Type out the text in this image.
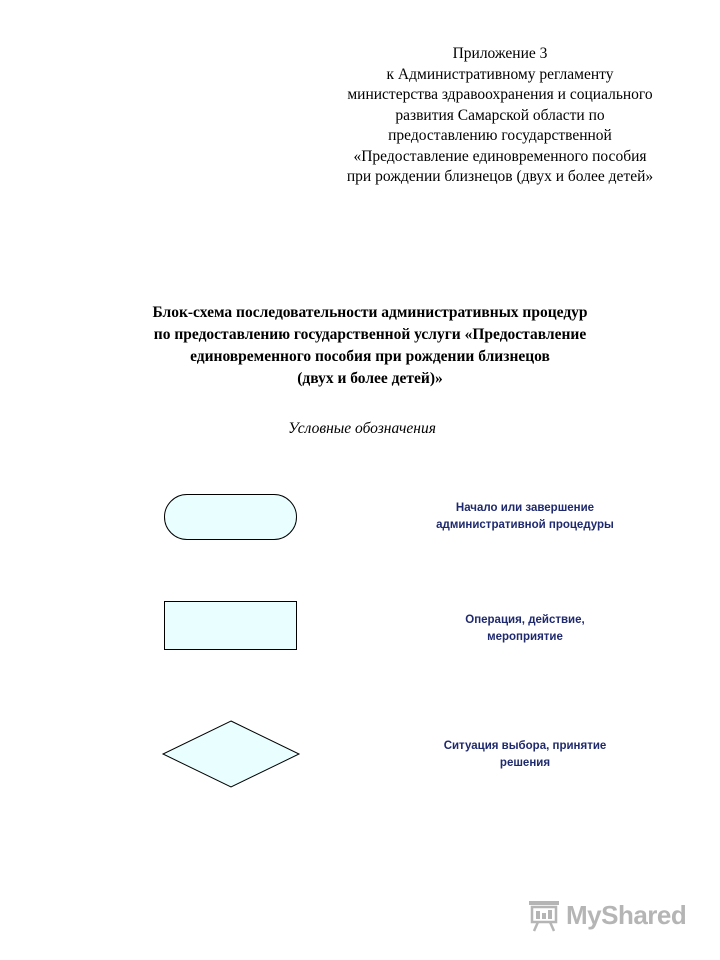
Приложение 3
к Административному регламенту
министерства здравоохранения и социального
развития Самарской области по
предоставлению государственной
«Предоставление единовременного пособия
при рождении близнецов (двух и более детей»
Блок-схема последовательности административных процедур
по предоставлению государственной услуги «Предоставление
единовременного пособия при рождении близнецов
(двух и более детей)»
Условные обозначения
Начало или завершение
административной процедуры
Операция, действие,
мероприятие
Ситуация выбора, принятие
решения
MyShared
